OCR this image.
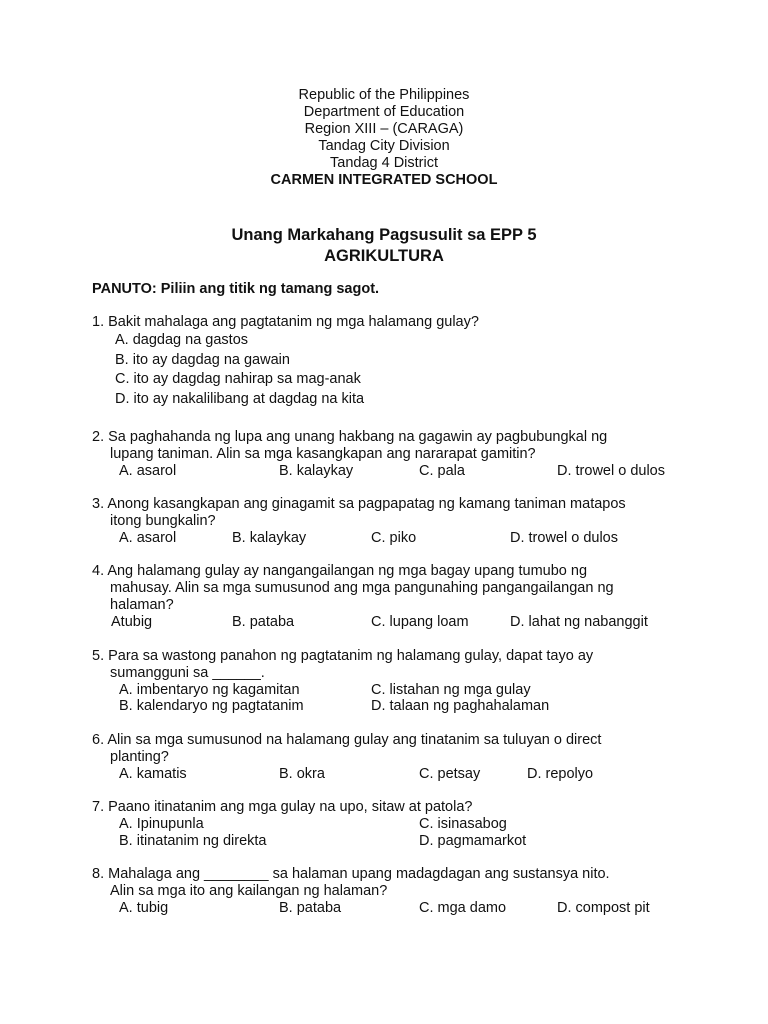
Republic of the Philippines
Department of Education
Region XIII – (CARAGA)
Tandag City Division
Tandag 4 District
CARMEN INTEGRATED SCHOOL
Unang Markahang Pagsusulit sa EPP 5
AGRIKULTURA
PANUTO: Piliin ang titik ng tamang sagot.
1. Bakit mahalaga ang pagtatanim ng mga halamang gulay?
A. dagdag na gastos
B. ito ay dagdag na gawain
C. ito ay dagdag nahirap sa mag-anak
D. ito ay nakalilibang at dagdag na kita
2. Sa paghahanda ng lupa ang unang hakbang na gagawin ay pagbubungkal ng
lupang taniman. Alin sa mga kasangkapan ang nararapat gamitin?
A. asarol	B. kalaykay	C. pala	D. trowel o dulos
3. Anong kasangkapan ang ginagamit sa pagpapatag ng kamang taniman matapos
itong bungkalin?
A. asarol	B. kalaykay	C. piko	D. trowel o dulos
4. Ang halamang gulay ay nangangailangan ng mga bagay upang tumubo ng
mahusay. Alin sa mga sumusunod ang mga pangunahing pangangailangan ng
halaman?
Atubig	B. pataba	C. lupang loam	D. lahat ng nabanggit
5. Para sa wastong panahon ng pagtatanim ng halamang gulay, dapat tayo ay
sumangguni sa ______.
A. imbentaryo ng kagamitan	C. listahan ng mga gulay
B. kalendaryo ng pagtatanim	D. talaan ng paghahalaman
6. Alin sa mga sumusunod na halamang gulay ang tinatanim sa tuluyan o direct
planting?
A. kamatis	B. okra	C. petsay	D. repolyo
7. Paano itinatanim ang mga gulay na upo, sitaw at patola?
A. Ipinupunla	C. isinasabog
B. itinatanim ng direkta	D. pagmamarkot
8. Mahalaga ang ________ sa halaman upang madagdagan ang sustansya nito.
Alin sa mga ito ang kailangan ng halaman?
A. tubig	B. pataba	C. mga damo	D. compost pit
